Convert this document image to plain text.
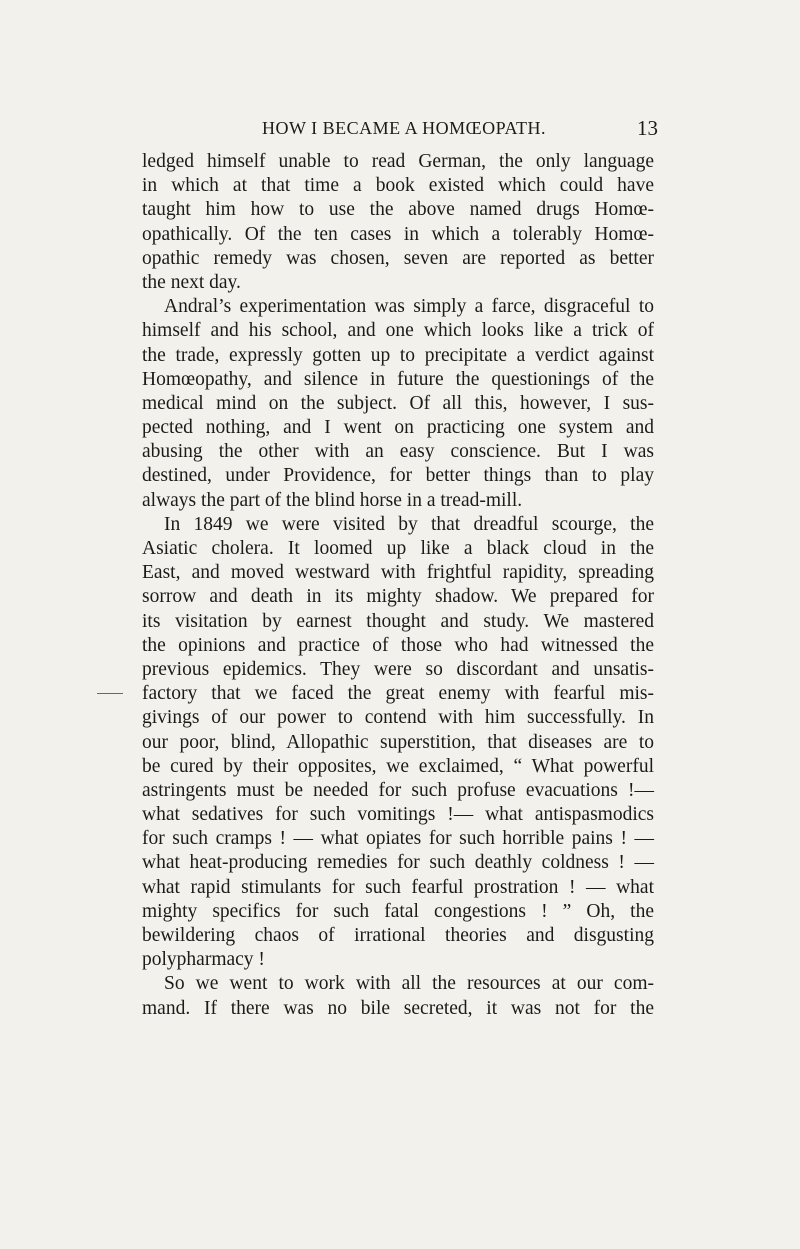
HOW I BECAME A HOMŒOPATH.	13
ledged himself unable to read German, the only language
in which at that time a book existed which could have
taught him how to use the above named drugs Homœ-
opathically. Of the ten cases in which a tolerably Homœ-
opathic remedy was chosen, seven are reported as better
the next day.
Andral’s experimentation was simply a farce, disgraceful to
himself and his school, and one which looks like a trick of
the trade, expressly gotten up to precipitate a verdict against
Homœopathy, and silence in future the questionings of the
medical mind on the subject. Of all this, however, I sus-
pected nothing, and I went on practicing one system and
abusing the other with an easy conscience. But I was
destined, under Providence, for better things than to play
always the part of the blind horse in a tread-mill.
In 1849 we were visited by that dreadful scourge, the
Asiatic cholera. It loomed up like a black cloud in the
East, and moved westward with frightful rapidity, spreading
sorrow and death in its mighty shadow. We prepared for
its visitation by earnest thought and study. We mastered
the opinions and practice of those who had witnessed the
previous epidemics. They were so discordant and unsatis-
factory that we faced the great enemy with fearful mis-
givings of our power to contend with him successfully. In
our poor, blind, Allopathic superstition, that diseases are to
be cured by their opposites, we exclaimed, “ What powerful
astringents must be needed for such profuse evacuations !—
what sedatives for such vomitings !— what antispasmodics
for such cramps ! — what opiates for such horrible pains ! —
what heat-producing remedies for such deathly coldness ! —
what rapid stimulants for such fearful prostration ! — what
mighty specifics for such fatal congestions ! ” Oh, the
bewildering chaos of irrational theories and disgusting
polypharmacy !
So we went to work with all the resources at our com-
mand. If there was no bile secreted, it was not for the
